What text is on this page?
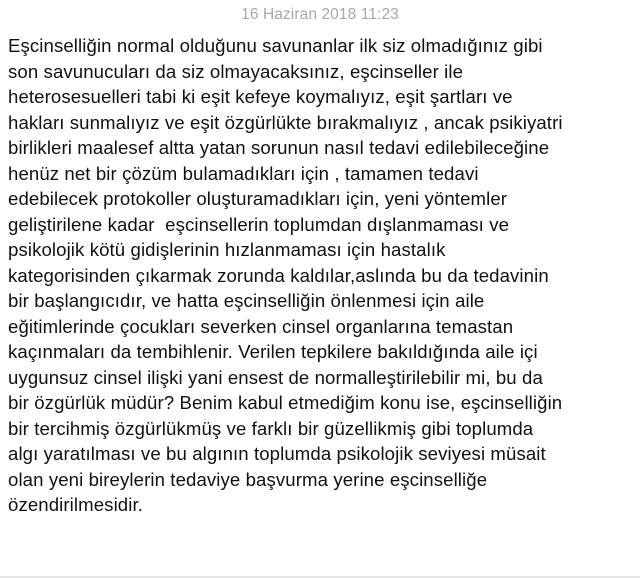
16 Haziran 2018 11:23
Eşcinselliğin normal olduğunu savunanlar ilk siz olmadığınız gibi
son savunucuları da siz olmayacaksınız, eşcinseller ile
heterosesuelleri tabi ki eşit kefeye koymalıyız, eşit şartları ve
hakları sunmalıyız ve eşit özgürlükte bırakmalıyız , ancak psikiyatri
birlikleri maalesef altta yatan sorunun nasıl tedavi edilebileceğine
henüz net bir çözüm bulamadıkları için , tamamen tedavi
edebilecek protokoller oluşturamadıkları için, yeni yöntemler
geliştirilene kadar  eşcinsellerin toplumdan dışlanmaması ve
psikolojik kötü gidişlerinin hızlanmaması için hastalık
kategorisinden çıkarmak zorunda kaldılar,aslında bu da tedavinin
bir başlangıcıdır, ve hatta eşcinselliğin önlenmesi için aile
eğitimlerinde çocukları severken cinsel organlarına temastan
kaçınmaları da tembihlenir. Verilen tepkilere bakıldığında aile içi
uygunsuz cinsel ilişki yani ensest de normalleştirilebilir mi, bu da
bir özgürlük müdür? Benim kabul etmediğim konu ise, eşcinselliğin
bir tercihmiş özgürlükmüş ve farklı bir güzellikmiş gibi toplumda
algı yaratılması ve bu algının toplumda psikolojik seviyesi müsait
olan yeni bireylerin tedaviye başvurma yerine eşcinselliğe
özendirilmesidir.
